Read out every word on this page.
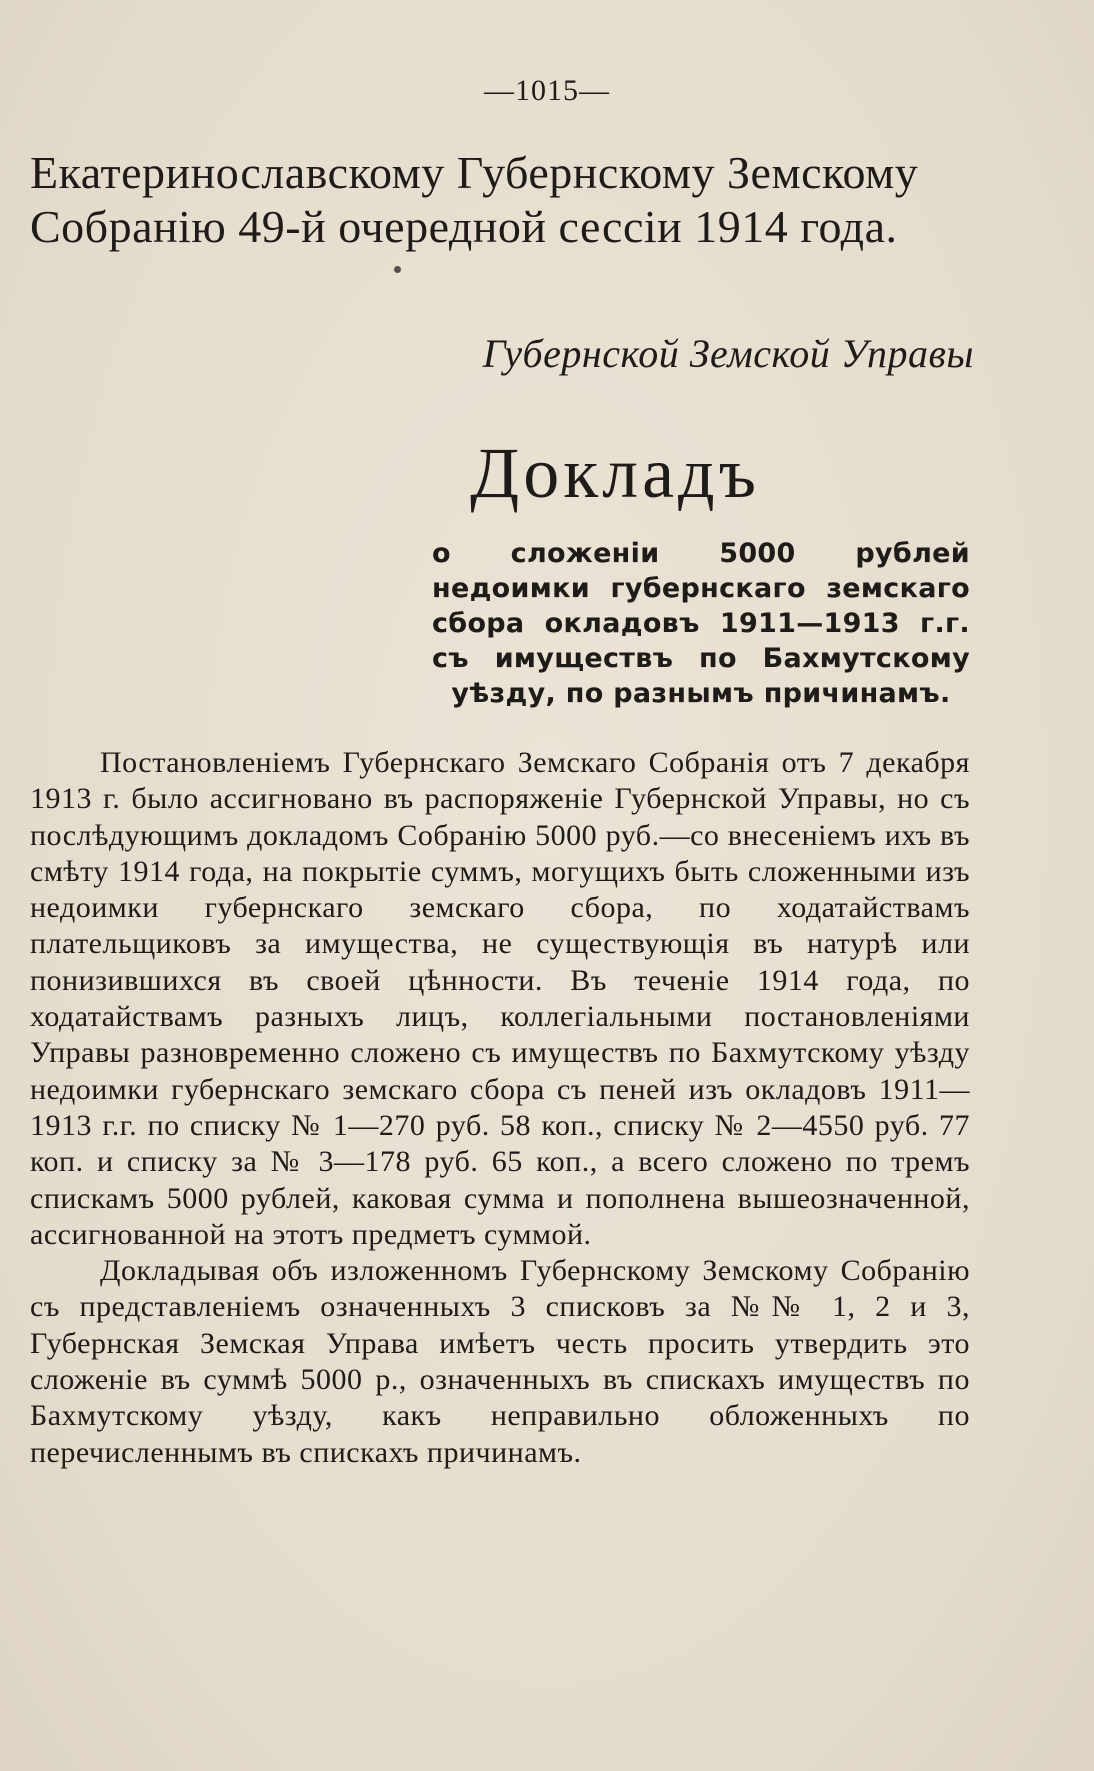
—1015—
Екатеринославскому Губернскому Земскому
Собранію 49-й очередной сессіи 1914 года.
Губернской Земской Управы
Докладъ
о сложеніи 5000 рублей недоимки губернскаго земскаго сбора окладовъ 1911—1913 г.г. съ имуществъ по Бахмутскому уѣзду, по разнымъ причинамъ.

Постановленіемъ Губернскаго Земскаго Собранія отъ 7 декабря 1913 г. было ассигновано въ распоряженіе Губернской Управы, но съ послѣдующимъ докладомъ Собранію 5000 руб.—со внесеніемъ ихъ въ смѣту 1914 года, на покрытіе суммъ, могущихъ быть сложенными изъ недоимки губернскаго земскаго сбора, по ходатайствамъ плательщиковъ за имущества, не существующія въ натурѣ или понизившихся въ своей цѣнности. Въ теченіе 1914 года, по ходатайствамъ разныхъ лицъ, коллегіальными постановленіями Управы разновременно сложено съ имуществъ по Бахмутскому уѣзду недоимки губернскаго земскаго сбора съ пеней изъ окладовъ 1911—1913 г.г. по списку № 1—270 руб. 58 коп., списку № 2—4550 руб. 77 коп. и списку за № 3—178 руб. 65 коп., а всего сложено по тремъ спискамъ 5000 рублей, каковая сумма и пополнена вышеозначенной, ассигнованной на этотъ предметъ суммой.

Докладывая объ изложенномъ Губернскому Земскому Собранію съ представленіемъ означенныхъ 3 списковъ за №№ 1, 2 и 3, Губернская Земская Управа имѣетъ честь просить утвердить это сложеніе въ суммѣ 5000 р., означенныхъ въ спискахъ имуществъ по Бахмутскому уѣзду, какъ неправильно обложенныхъ по перечисленнымъ въ спискахъ причинамъ.
